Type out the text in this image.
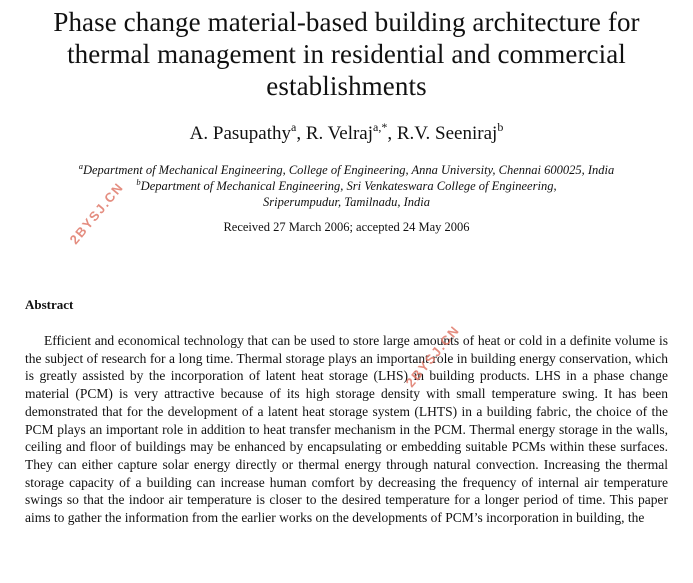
Phase change material-based building architecture for thermal management in residential and commercial establishments
A. Pasupathy$^a$, R. Velraj$^{a,*}$, R.V. Seeniraj$^b$
$^a$Department of Mechanical Engineering, College of Engineering, Anna University, Chennai 600025, India
$^b$Department of Mechanical Engineering, Sri Venkateswara College of Engineering, Sriperumpudur, Tamilnadu, India
Received 27 March 2006; accepted 24 May 2006
Abstract

Efficient and economical technology that can be used to store large amounts of heat or cold in a definite volume is the subject of research for a long time. Thermal storage plays an important role in building energy conservation, which is greatly assisted by the incorporation of latent heat storage (LHS) in building products. LHS in a phase change material (PCM) is very attractive because of its high storage density with small temperature swing. It has been demonstrated that for the development of a latent heat storage system (LHTS) in a building fabric, the choice of the PCM plays an important role in addition to heat transfer mechanism in the PCM. Thermal energy storage in the walls, ceiling and floor of buildings may be enhanced by encapsulating or embedding suitable PCMs within these surfaces. They can either capture solar energy directly or thermal energy through natural convection. Increasing the thermal storage capacity of a building can increase human comfort by decreasing the frequency of internal air temperature swings so that the indoor air temperature is closer to the desired temperature for a longer period of time. This paper aims to gather the information from the earlier works on the developments of PCM’s incorporation in building, the

2BYSJ.CN
2BYSJ.CN
